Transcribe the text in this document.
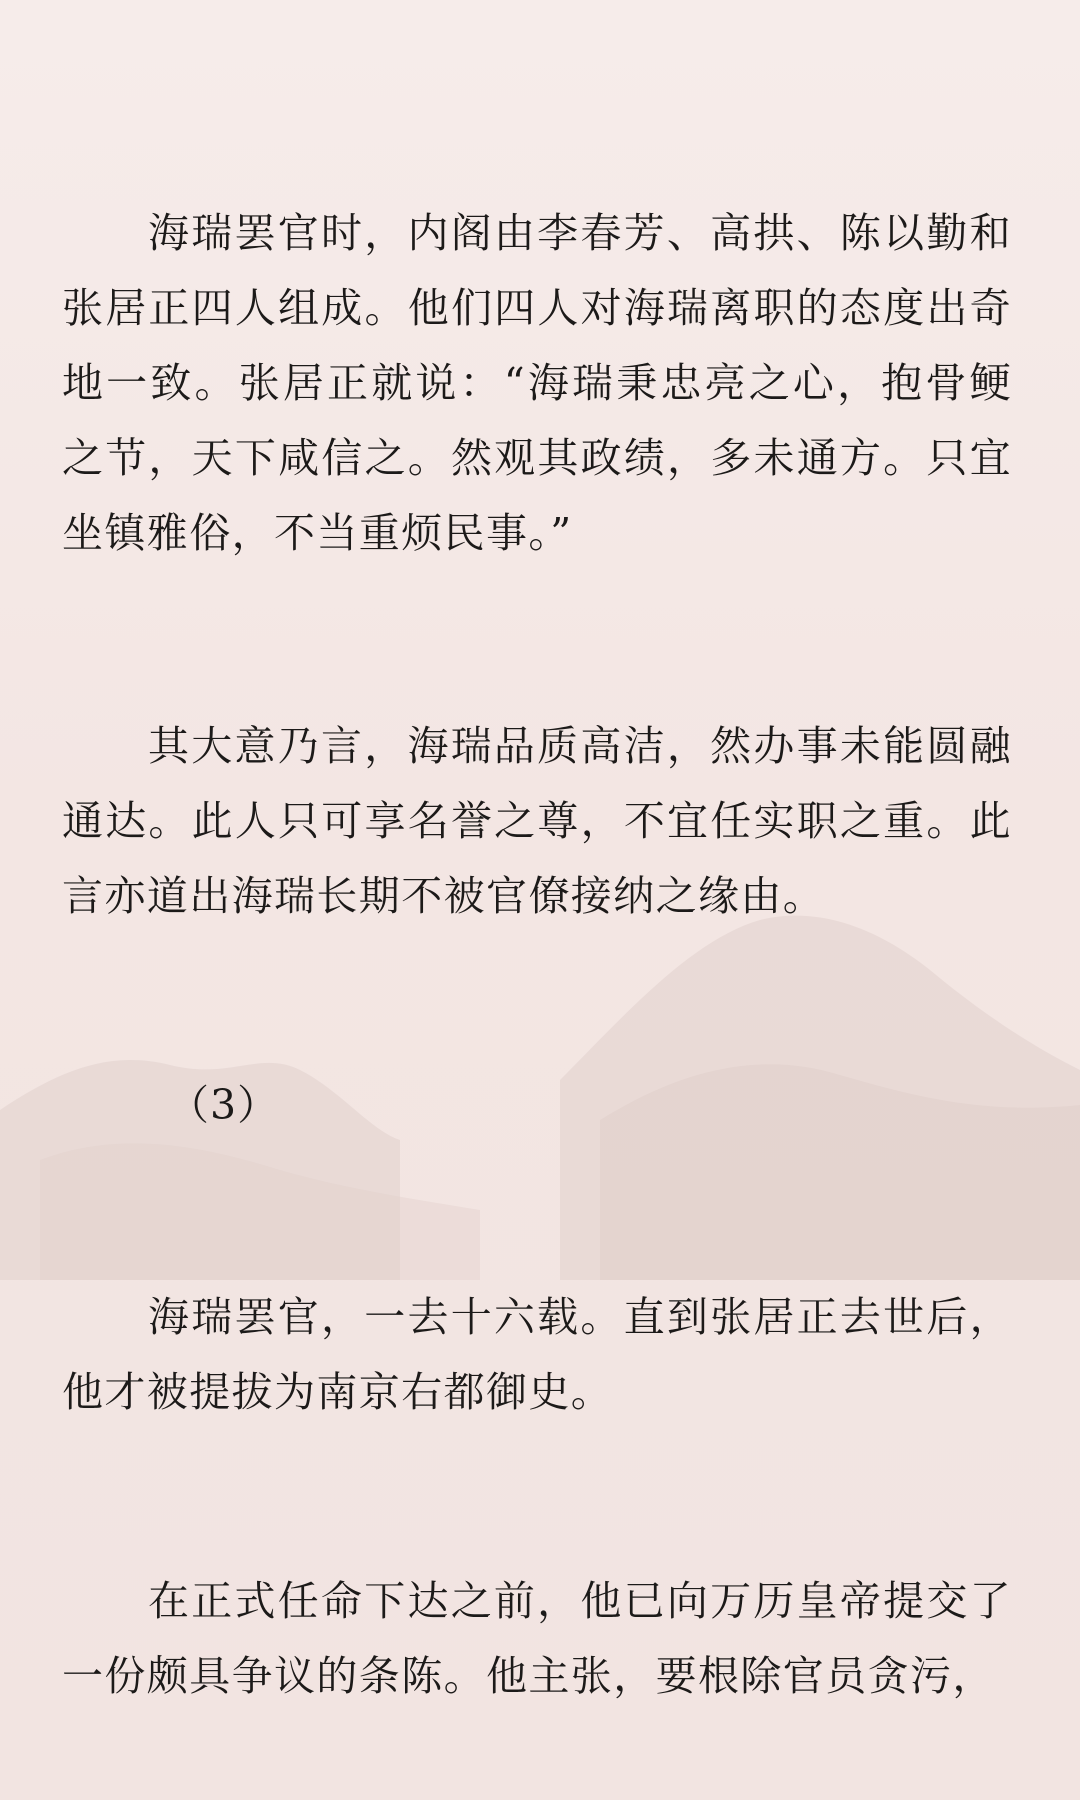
海瑞罢官时，内阁由李春芳、高拱、陈以勤和张居正四人组成。他们四人对海瑞离职的态度出奇地一致。张居正就说：“海瑞秉忠亮之心，抱骨鲠之节，天下咸信之。然观其政绩，多未通方。只宜坐镇雅俗，不当重烦民事。”

其大意乃言，海瑞品质高洁，然办事未能圆融通达。此人只可享名誉之尊，不宜任实职之重。此言亦道出海瑞长期不被官僚接纳之缘由。

（3）

海瑞罢官，一去十六载。直到张居正去世后，他才被提拔为南京右都御史。

在正式任命下达之前，他已向万历皇帝提交了一份颇具争议的条陈。他主张，要根除官员贪污，
